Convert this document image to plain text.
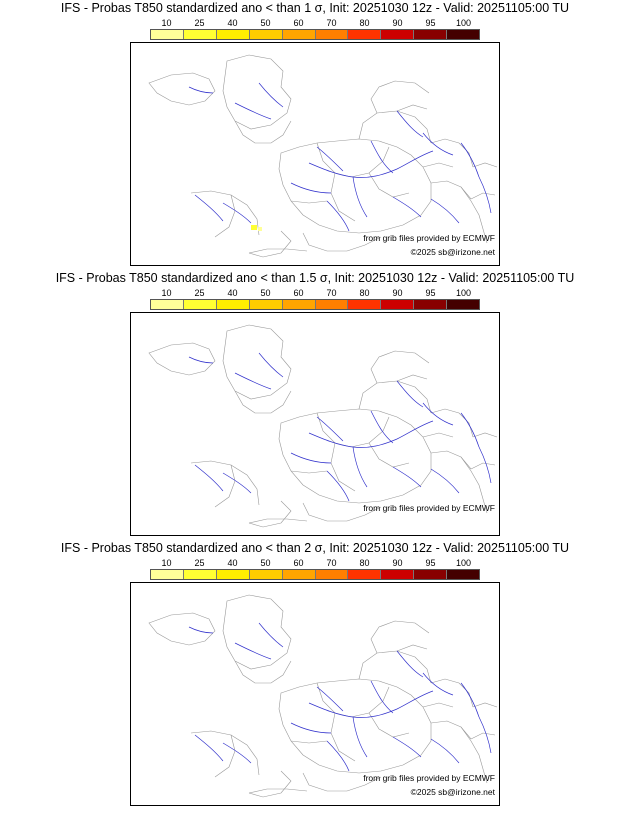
IFS - Probas T850 standardized ano < than 1 σ, Init: 20251030 12z - Valid: 20251105:00 TU
10	25	40	50	60	70	80	90	95 100
from grib files provided by ECMWF
©2025 sb@irizone.net
IFS - Probas T850 standardized ano < than 1.5 σ, Init: 20251030 12z - Valid: 20251105:00 TU
10	25	40	50	60	70	80	90	95 100
from grib files provided by ECMWF
IFS - Probas T850 standardized ano < than 2 σ, Init: 20251030 12z - Valid: 20251105:00 TU
10	25	40	50	60	70	80	90	95 100
from grib files provided by ECMWF
©2025 sb@irizone.net
